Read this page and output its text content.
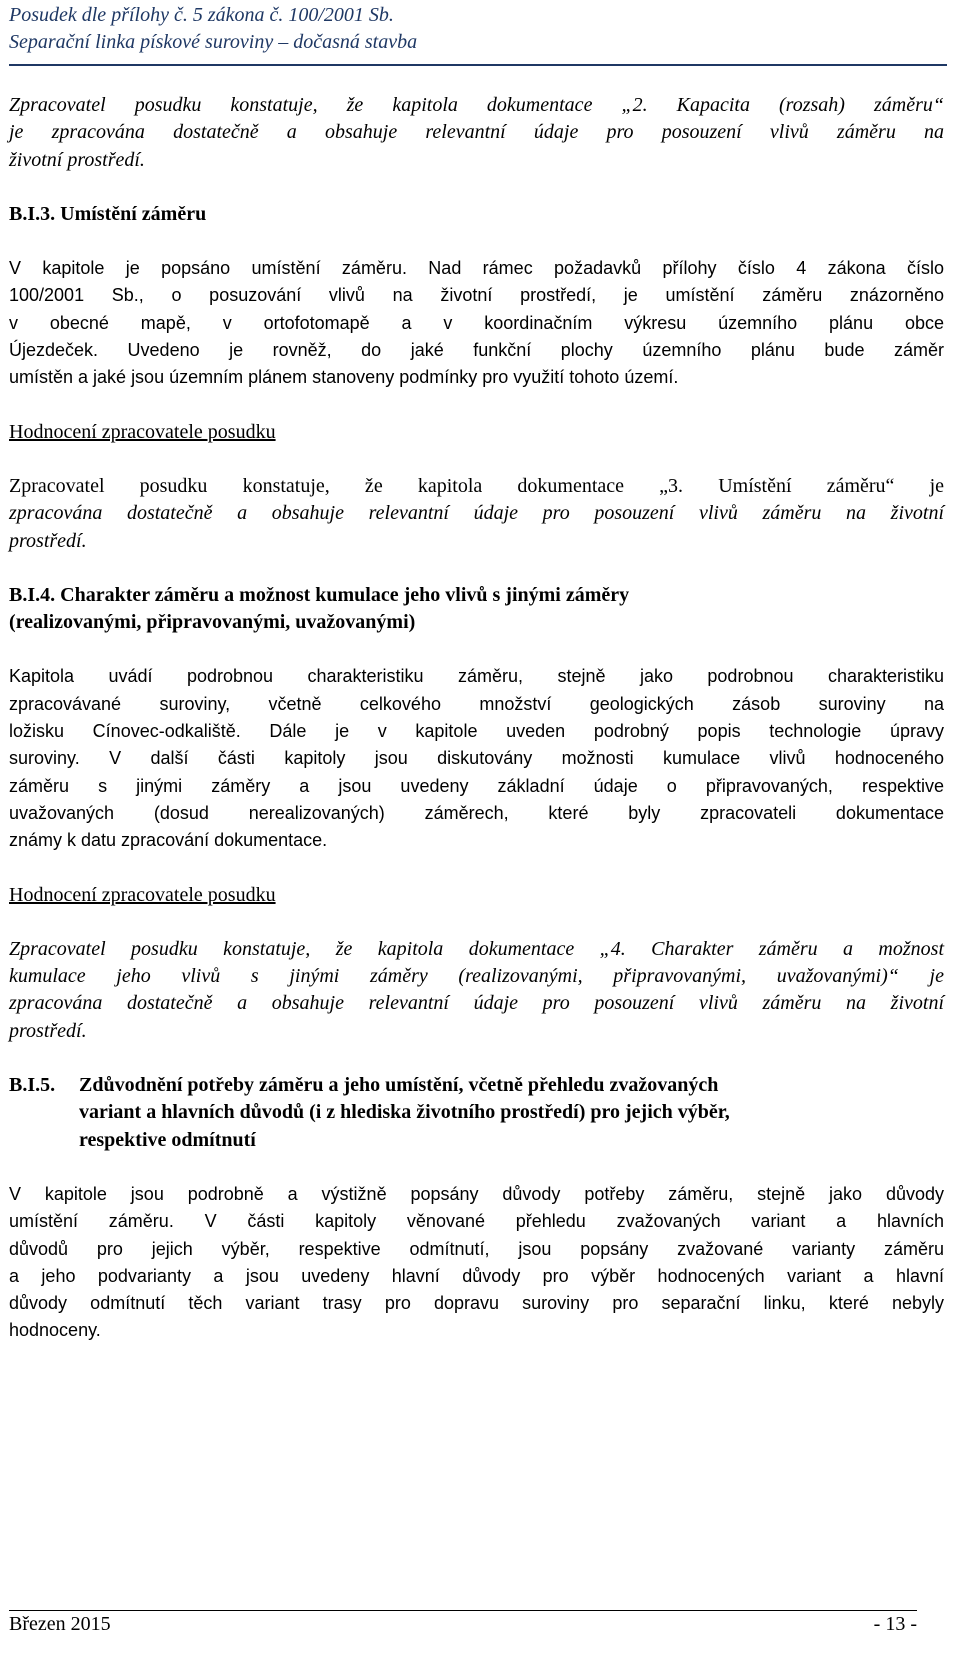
Posudek dle přílohy č. 5 zákona č. 100/2001 Sb.
Separační linka pískové suroviny – dočasná stavba

Zpracovatel posudku konstatuje, že kapitola dokumentace „2. Kapacita (rozsah) záměru“

je zpracována dostatečně a obsahuje relevantní údaje pro posouzení vlivů záměru na

životní prostředí.

B.I.3. Umístění záměru

V kapitole je popsáno umístění záměru. Nad rámec požadavků přílohy číslo 4 zákona číslo

100/2001 Sb., o posuzování vlivů na životní prostředí, je umístění záměru znázorněno

v obecné mapě, v ortofotomapě a v koordinačním výkresu územního plánu obce

Újezdeček. Uvedeno je rovněž, do jaké funkční plochy územního plánu bude záměr

umístěn a jaké jsou územním plánem stanoveny podmínky pro využití tohoto území.

Hodnocení zpracovatele posudku

Zpracovatel posudku konstatuje, že kapitola dokumentace „3. Umístění záměru“ je

zpracována dostatečně a obsahuje relevantní údaje pro posouzení vlivů záměru na životní

prostředí.

B.I.4. Charakter záměru a možnost kumulace jeho vlivů s jinými záměry

(realizovanými, připravovanými, uvažovanými)

Kapitola uvádí podrobnou charakteristiku záměru, stejně jako podrobnou charakteristiku

zpracovávané suroviny, včetně celkového množství geologických zásob suroviny na

ložisku Cínovec-odkaliště. Dále je v kapitole uveden podrobný popis technologie úpravy

suroviny. V další části kapitoly jsou diskutovány možnosti kumulace vlivů hodnoceného

záměru s jinými záměry a jsou uvedeny základní údaje o připravovaných, respektive

uvažovaných (dosud nerealizovaných) záměrech, které byly zpracovateli dokumentace

známy k datu zpracování dokumentace.

Hodnocení zpracovatele posudku

Zpracovatel posudku konstatuje, že kapitola dokumentace „4. Charakter záměru a možnost

kumulace jeho vlivů s jinými záměry (realizovanými, připravovanými, uvažovanými)“ je

zpracována dostatečně a obsahuje relevantní údaje pro posouzení vlivů záměru na životní

prostředí.

B.I.5.	Zdůvodnění potřeby záměru a jeho umístění, včetně přehledu zvažovaných

variant a hlavních důvodů (i z hlediska životního prostředí) pro jejich výběr,

respektive odmítnutí

V kapitole jsou podrobně a výstižně popsány důvody potřeby záměru, stejně jako důvody

umístění záměru. V části kapitoly věnované přehledu zvažovaných variant a hlavních

důvodů pro jejich výběr, respektive odmítnutí, jsou popsány zvažované varianty záměru

a jeho podvarianty a jsou uvedeny hlavní důvody pro výběr hodnocených variant a hlavní

důvody odmítnutí těch variant trasy pro dopravu suroviny pro separační linku, které nebyly

hodnoceny.

Březen 2015	- 13 -
